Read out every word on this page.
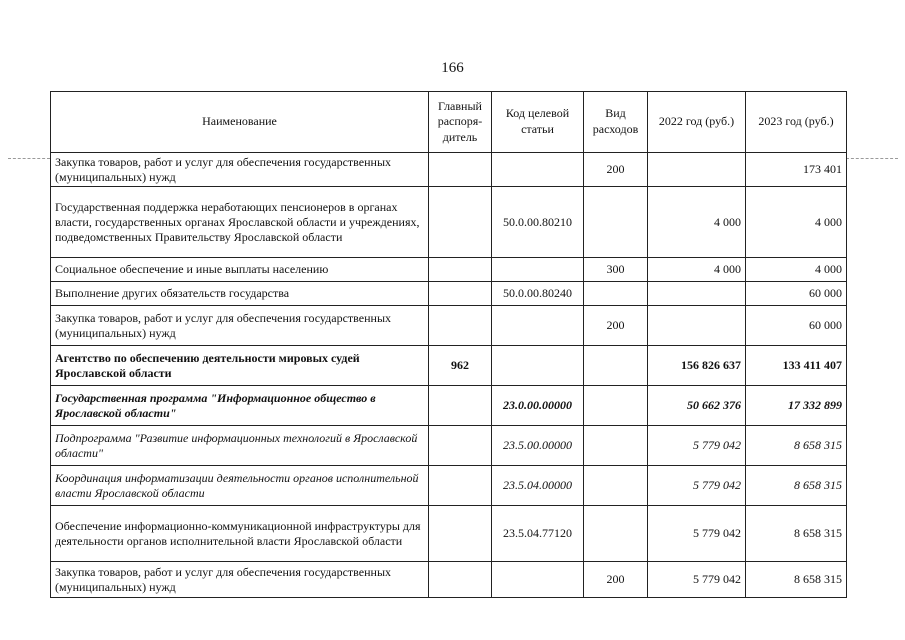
166
Наименование	Главный распоря- дитель	Код целевой статьи	Вид расходов	2022 год (руб.)	2023 год (руб.)
Закупка товаров, работ и услуг для обеспечения государственных (муниципальных) нужд			200		173 401
Государственная поддержка неработающих пенсионеров в органах власти, государственных органах Ярославской области и учреждениях, подведомственных Правительству Ярославской области		50.0.00.80210		4 000	4 000
Социальное обеспечение и иные выплаты населению			300	4 000	4 000
Выполнение других обязательств государства		50.0.00.80240			60 000
Закупка товаров, работ и услуг для обеспечения государственных (муниципальных) нужд			200		60 000
Агентство по обеспечению деятельности мировых судей Ярославской области	962			156 826 637	133 411 407
Государственная программа "Информационное общество в Ярославской области"		23.0.00.00000		50 662 376	17 332 899
Подпрограмма "Развитие информационных технологий в Ярославской области"		23.5.00.00000		5 779 042	8 658 315
Координация информатизации деятельности органов исполнительной власти Ярославской области		23.5.04.00000		5 779 042	8 658 315
Обеспечение информационно-коммуникационной инфраструктуры для деятельности органов исполнительной власти Ярославской области		23.5.04.77120		5 779 042	8 658 315
Закупка товаров, работ и услуг для обеспечения государственных (муниципальных) нужд			200	5 779 042	8 658 315
